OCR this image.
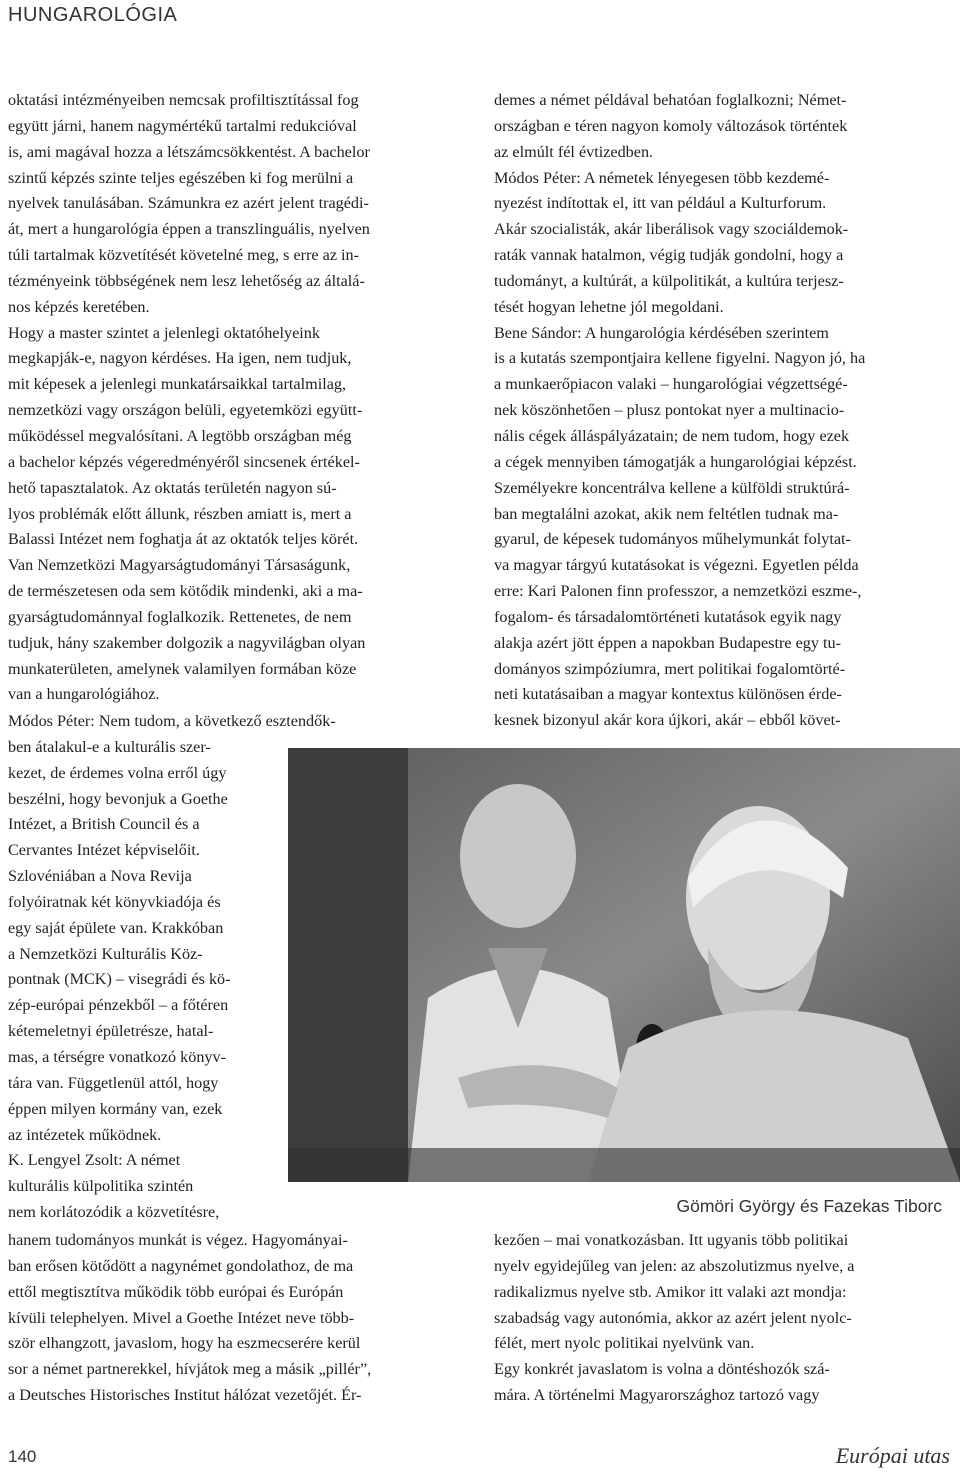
HUNGAROLÓGIA
oktatási intézményeiben nemcsak profiltisztítással fog
együtt járni, hanem nagymértékű tartalmi redukcióval
is, ami magával hozza a létszámcsökkentést. A bachelor
szintű képzés szinte teljes egészében ki fog merülni a
nyelvek tanulásában. Számunkra ez azért jelent tragédi-
át, mert a hungarológia éppen a transzlinguális, nyelven
túli tartalmak közvetítését követelné meg, s erre az in-
tézményeink többségének nem lesz lehetőség az általá-
nos képzés keretében.
Hogy a master szintet a jelenlegi oktatóhelyeink
megkapják-e, nagyon kérdéses. Ha igen, nem tudjuk,
mit képesek a jelenlegi munkatársaikkal tartalmilag,
nemzetközi vagy országon belüli, egyetemközi együtt-
működéssel megvalósítani. A legtöbb országban még
a bachelor képzés végeredményéről sincsenek értékel-
hető tapasztalatok. Az oktatás területén nagyon sú-
lyos problémák előtt állunk, részben amiatt is, mert a
Balassi Intézet nem foghatja át az oktatók teljes körét.
Van Nemzetközi Magyarságtudományi Társaságunk,
de természetesen oda sem kötődik mindenki, aki a ma-
gyarságtudománnyal foglalkozik. Rettenetes, de nem
tudjuk, hány szakember dolgozik a nagyvilágban olyan
munkaterületen, amelynek valamilyen formában köze
van a hungarológiához.
Módos Péter: Nem tudom, a következő esztendők-
ben átalakul-e a kulturális szer-
kezet, de érdemes volna erről úgy
beszélni, hogy bevonjuk a Goethe
Intézet, a British Council és a
Cervantes Intézet képviselőit.
Szlovéniában a Nova Revija
folyóiratnak két könyvkiadója és
egy saját épülete van. Krakkóban
a Nemzetközi Kulturális Köz-
pontnak (MCK) – visegrádi és kö-
zép-európai pénzekből – a főtéren
kétemeletnyi épületrésze, hatal-
mas, a térségre vonatkozó könyv-
tára van. Függetlenül attól, hogy
éppen milyen kormány van, ezek
az intézetek működnek.
K. Lengyel Zsolt: A német
kulturális külpolitika szintén
nem korlátozódik a közvetítésre,
hanem tudományos munkát is végez. Hagyományai-
ban erősen kötődött a nagynémet gondolathoz, de ma
ettől megtisztítva működik több európai és Európán
kívüli telephelyen. Mivel a Goethe Intézet neve több-
ször elhangzott, javaslom, hogy ha eszmecserére kerül
sor a német partnerekkel, hívjátok meg a másik „pillér”,
a Deutsches Historisches Institut hálózat vezetőjét. Ér-
demes a német példával behatóan foglalkozni; Német-
országban e téren nagyon komoly változások történtek
az elmúlt fél évtizedben.
Módos Péter: A németek lényegesen több kezdemé-
nyezést indítottak el, itt van például a Kulturforum.
Akár szocialisták, akár liberálisok vagy szociáldemok-
raták vannak hatalmon, végig tudják gondolni, hogy a
tudományt, a kultúrát, a külpolitikát, a kultúra terjesz-
tését hogyan lehetne jól megoldani.
Bene Sándor: A hungarológia kérdésében szerintem
is a kutatás szempontjaira kellene figyelni. Nagyon jó, ha
a munkaerőpiacon valaki – hungarológiai végzettségé-
nek köszönhetően – plusz pontokat nyer a multinacio-
nális cégek álláspályázatain; de nem tudom, hogy ezek
a cégek mennyiben támogatják a hungarológiai képzést.
Személyekre koncentrálva kellene a külföldi struktúrá-
ban megtalálni azokat, akik nem feltétlen tudnak ma-
gyarul, de képesek tudományos műhelymunkát folytat-
va magyar tárgyú kutatásokat is végezni. Egyetlen példa
erre: Kari Palonen finn professzor, a nemzetközi eszme-,
fogalom- és társadalomtörténeti kutatások egyik nagy
alakja azért jött éppen a napokban Budapestre egy tu-
dományos szimpóziumra, mert politikai fogalomtörté-
neti kutatásaiban a magyar kontextus különösen érde-
kesnek bizonyul akár kora újkori, akár – ebből követ-
Gömöri György és Fazekas Tiborc
kezően – mai vonatkozásban. Itt ugyanis több politikai
nyelv egyidejűleg van jelen: az abszolutizmus nyelve, a
radikalizmus nyelve stb. Amikor itt valaki azt mondja:
szabadság vagy autonómia, akkor az azért jelent nyolc-
félét, mert nyolc politikai nyelvünk van.
Egy konkrét javaslatom is volna a döntéshozók szá-
mára. A történelmi Magyarországhoz tartozó vagy
140	Európai utas
